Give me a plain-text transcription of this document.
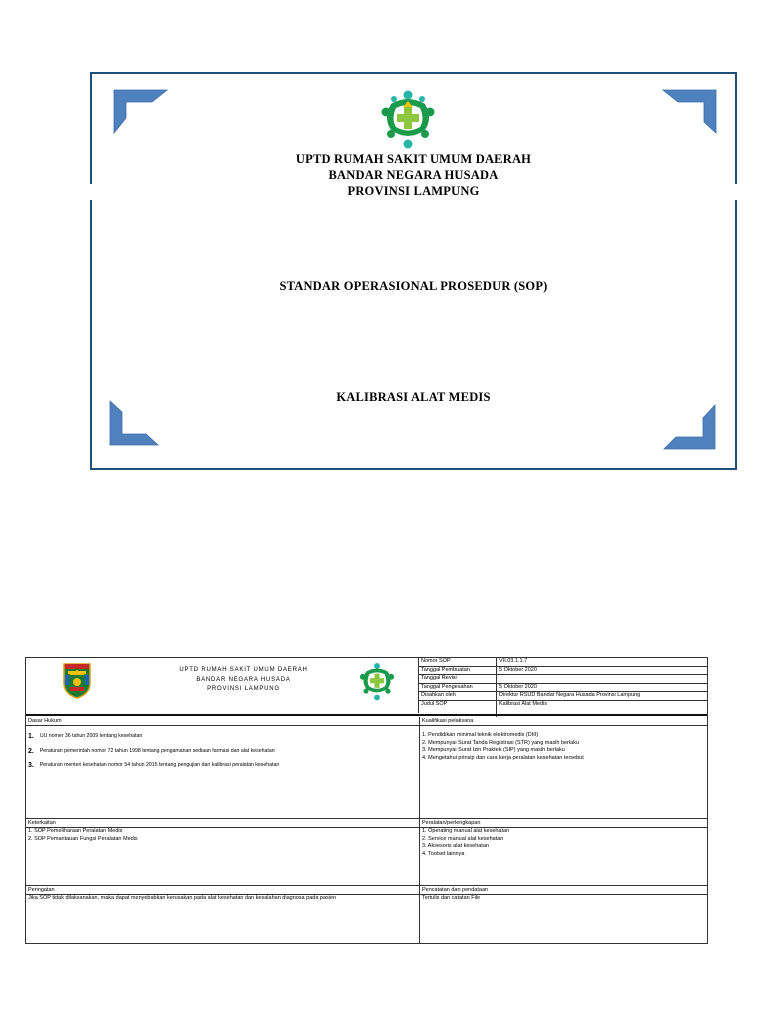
UPTD RUMAH SAKIT UMUM DAERAH
BANDAR NEGARA HUSADA
PROVINSI LAMPUNG
STANDAR OPERASIONAL PROSEDUR (SOP)
KALIBRASI ALAT MEDIS
UPTD RUMAH SAKIT UMUM DAERAH
BANDAR NEGARA HUSADA
PROVINSI LAMPUNG
Nomor SOP	VII.03.1.1.7
Tanggal Pembuatan	5 Oktober 2020
Tanggal Revisi
Tanggal Pengesahan	5 Oktober 2020
Disahkan oleh	Direktur RSUD Bandar Negara Husada Provinsi Lampung
Judul SOP	Kalibrasi Alat Medis
Dasar Hukum
1. UU nomer 36 tahun 2009 tentang kesehatan
2. Peraturan pemerintah nomor 72 tahun 1998 tentang pengamanan sediaan farmasi dan alat kesehatan
3. Peraturan menteri kesehatan nomor 54 tahun 2015 tentang pengujian dan kalibrasi peralatan kesehatan
Kualifikasi pelaksana
1. Pendidikan minimal teknik elektromedis (DIII)
2. Mempunyai Surat Tanda Registrasi (STR) yang masih berlaku
3. Mempunyai Surat Izin Praktek (SIP) yang masih berlaku
4. Mengetahui prinsip dan cara kerja peralatan kesehatan tersebut
Keterkaitan
1. SOP Pemeliharaan Peralatan Medis
2. SOP Pemantauan Fungsi Peralatan Medis
Peralatan/perlengkapan
1. Operating manual alat kesehatan
2. Service manual alat kesehatan
3. Aksesoris alat kesehatan
4. Toolset lainnya
Peringatan
Jika SOP tidak dilaksanakan, maka dapat menyebabkan kerusakan pada alat kesehatan dan kesalahan diagnosa pada pasien
Pencatatan dan pendataan
Tertulis dan catatan File
